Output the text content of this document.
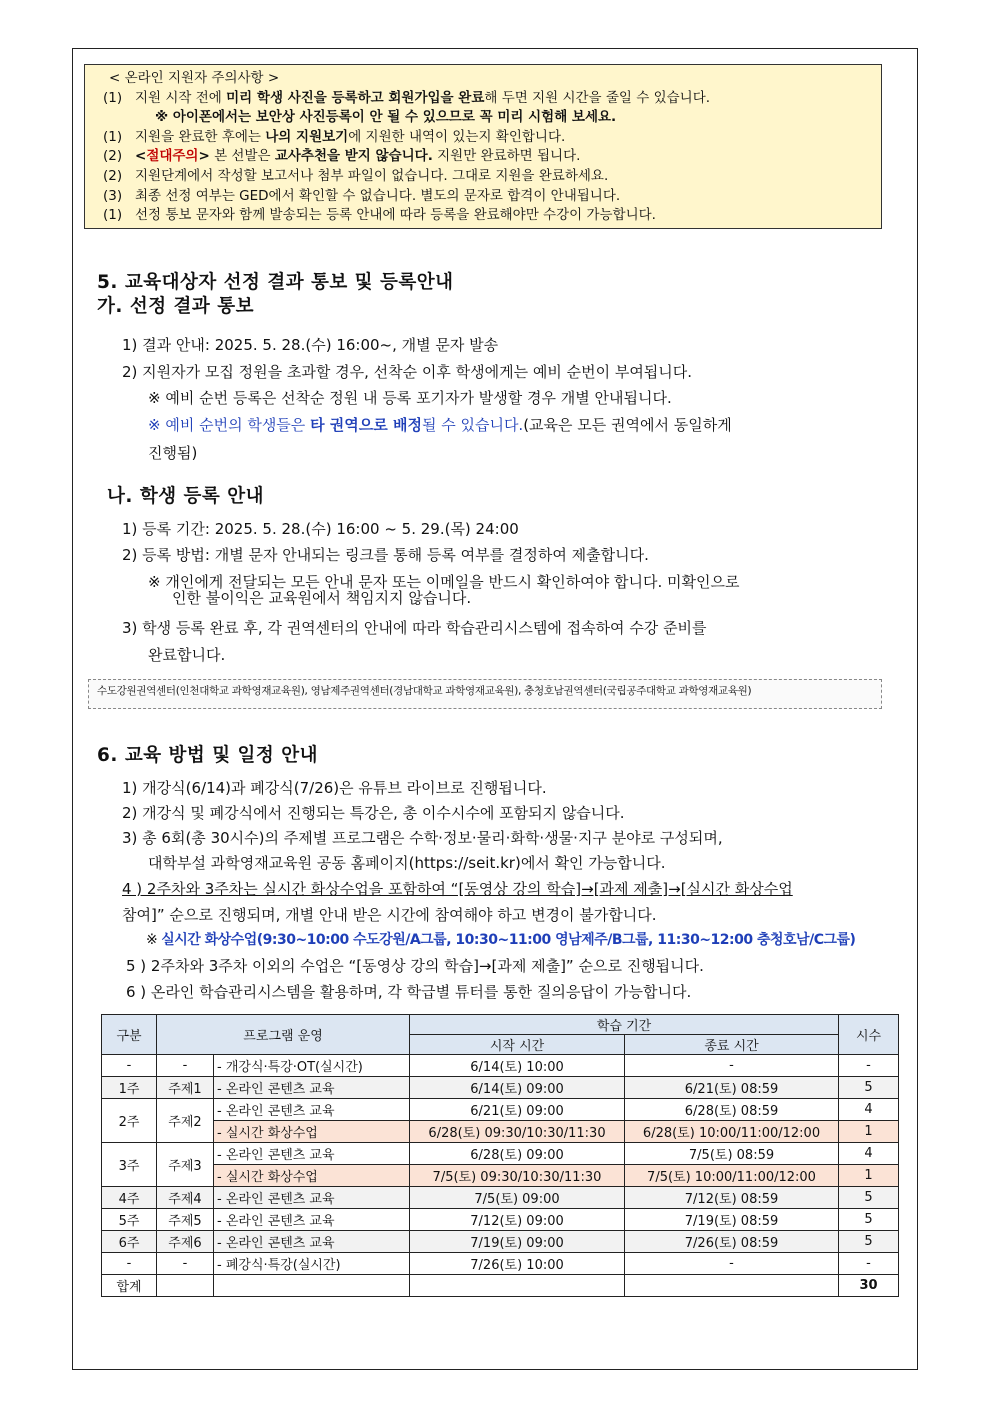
< 온라인 지원자 주의사항 >
(1) 지원 시작 전에 미리 학생 사진을 등록하고 회원가입을 완료해 두면 지원 시간을 줄일 수 있습니다.
※ 아이폰에서는 보안상 사진등록이 안 될 수 있으므로 꼭 미리 시험해 보세요.
(1) 지원을 완료한 후에는 나의 지원보기에 지원한 내역이 있는지 확인합니다.
(2) <절대주의> 본 선발은 교사추천을 받지 않습니다. 지원만 완료하면 됩니다.
(2) 지원단계에서 작성할 보고서나 첨부 파일이 없습니다. 그대로 지원을 완료하세요.
(3) 최종 선정 여부는 GED에서 확인할 수 없습니다. 별도의 문자로 합격이 안내됩니다.
(1) 선정 통보 문자와 함께 발송되는 등록 안내에 따라 등록을 완료해야만 수강이 가능합니다.
5. 교육대상자 선정 결과 통보 및 등록안내
가. 선정 결과 통보
1) 결과 안내: 2025. 5. 28.(수) 16:00~, 개별 문자 발송
2) 지원자가 모집 정원을 초과할 경우, 선착순 이후 학생에게는 예비 순번이 부여됩니다.
※ 예비 순번 등록은 선착순 정원 내 등록 포기자가 발생할 경우 개별 안내됩니다.
※ 예비 순번의 학생들은 타 권역으로 배정될 수 있습니다.(교육은 모든 권역에서 동일하게
진행됨)
나. 학생 등록 안내
1) 등록 기간: 2025. 5. 28.(수) 16:00 ~ 5. 29.(목) 24:00
2) 등록 방법: 개별 문자 안내되는 링크를 통해 등록 여부를 결정하여 제출합니다.
※ 개인에게 전달되는 모든 안내 문자 또는 이메일을 반드시 확인하여야 합니다. 미확인으로
인한 불이익은 교육원에서 책임지지 않습니다.
3) 학생 등록 완료 후, 각 권역센터의 안내에 따라 학습관리시스템에 접속하여 수강 준비를
완료합니다.
수도강원권역센터(인천대학교 과학영재교육원), 영남제주권역센터(경남대학교 과학영재교육원), 충청호남권역센터(국립공주대학교 과학영재교육원)
6. 교육 방법 및 일정 안내
1) 개강식(6/14)과 폐강식(7/26)은 유튜브 라이브로 진행됩니다.
2) 개강식 및 폐강식에서 진행되는 특강은, 총 이수시수에 포함되지 않습니다.
3) 총 6회(총 30시수)의 주제별 프로그램은 수학·정보·물리·화학·생물·지구 분야로 구성되며,
대학부설 과학영재교육원 공동 홈페이지(https://seit.kr)에서 확인 가능합니다.
4 ) 2주차와 3주차는 실시간 화상수업을 포함하여 “[동영상 강의 학습]→[과제 제출]→[실시간 화상수업
참여]” 순으로 진행되며, 개별 안내 받은 시간에 참여해야 하고 변경이 불가합니다.
※ 실시간 화상수업(9:30~10:00 수도강원/A그룹, 10:30~11:00 영남제주/B그룹, 11:30~12:00 충청호남/C그룹)
5 ) 2주차와 3주차 이외의 수업은 “[동영상 강의 학습]→[과제 제출]” 순으로 진행됩니다.
6 ) 온라인 학습관리시스템을 활용하며, 각 학급별 튜터를 통한 질의응답이 가능합니다.
구분	프로그램 운영		학습 기간		시수
			시작 시간	종료 시간	
-	-	- 개강식·특강·OT(실시간)	6/14(토) 10:00	-	-
1주	주제1	- 온라인 콘텐츠 교육	6/14(토) 09:00	6/21(토) 08:59	5
2주	주제2	- 온라인 콘텐츠 교육	6/21(토) 09:00	6/28(토) 08:59	4
		- 실시간 화상수업	6/28(토) 09:30/10:30/11:30	6/28(토) 10:00/11:00/12:00	1
3주	주제3	- 온라인 콘텐츠 교육	6/28(토) 09:00	7/5(토) 08:59	4
		- 실시간 화상수업	7/5(토) 09:30/10:30/11:30	7/5(토) 10:00/11:00/12:00	1
4주	주제4	- 온라인 콘텐츠 교육	7/5(토) 09:00	7/12(토) 08:59	5
5주	주제5	- 온라인 콘텐츠 교육	7/12(토) 09:00	7/19(토) 08:59	5
6주	주제6	- 온라인 콘텐츠 교육	7/19(토) 09:00	7/26(토) 08:59	5
-	-	- 폐강식·특강(실시간)	7/26(토) 10:00	-	-
합계					30
